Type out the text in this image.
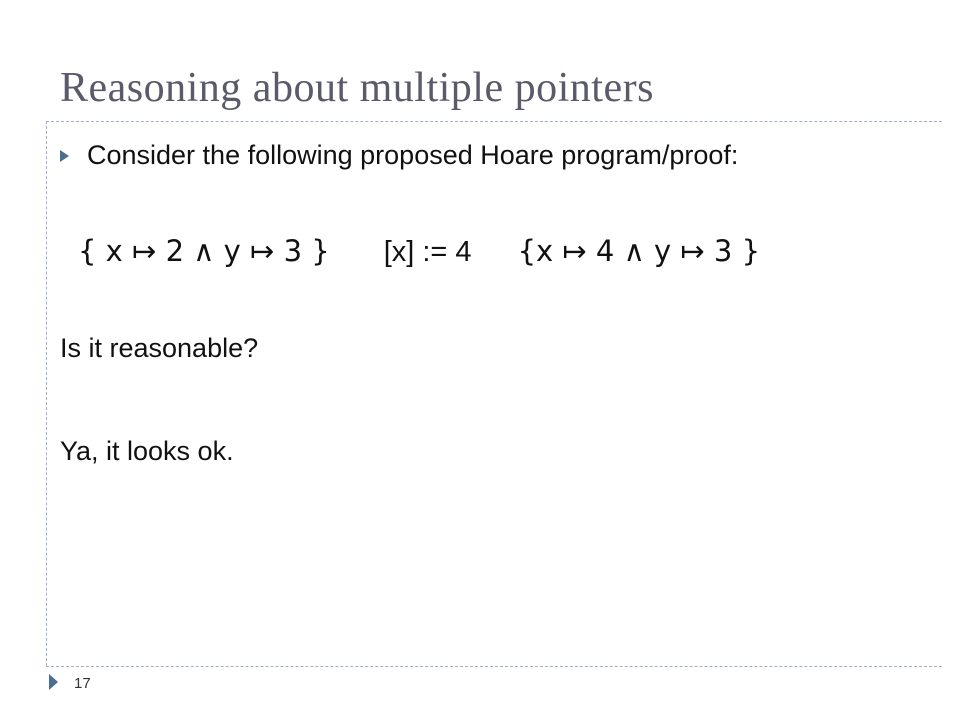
Reasoning about multiple pointers
Consider the following proposed Hoare program/proof:
{ x ↦ 2 ∧ y ↦ 3 } [x] := 4 {x ↦ 4 ∧ y ↦ 3 }
Is it reasonable?
Ya, it looks ok.
17
